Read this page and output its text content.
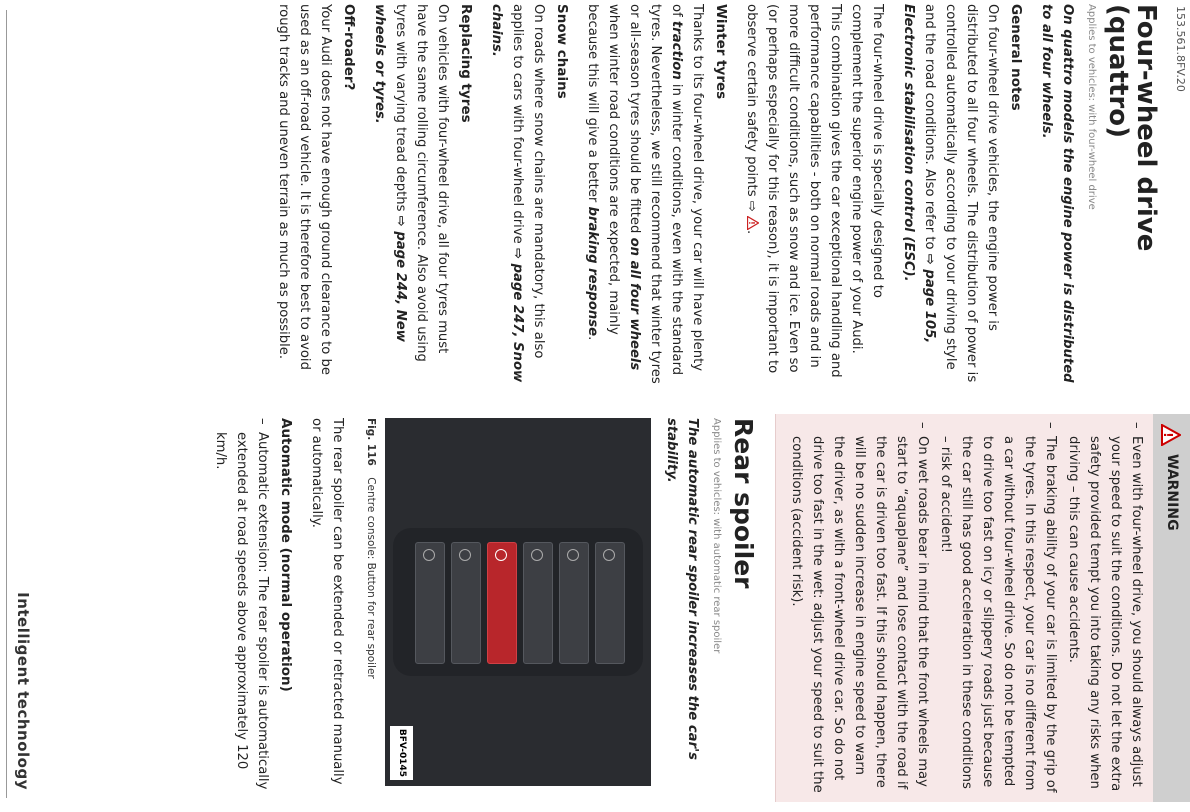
153.561.8FV.20
Intelligent technology
Four-wheel drive (quattro)
Applies to vehicles: with four-wheel drive

On quattro models the engine power is distributed to all four wheels.

General notes

On four-wheel drive vehicles, the engine power is distributed to all four wheels. The distribution of power is controlled automatically according to your driving style and the road conditions. Also refer to ⇨ page 105, Electronic stabilisation control (ESC).

The four-wheel drive is specially designed to complement the superior engine power of your Audi. This combination gives the car exceptional handling and performance capabilities - both on normal roads and in more difficult conditions, such as snow and ice. Even so (or perhaps especially for this reason), it is important to observe certain safety points ⇨
!
.

Winter tyres

Thanks to its four-wheel drive, your car will have plenty of traction in winter conditions, even with the standard tyres. Nevertheless, we still recommend that winter tyres or all-season tyres should be fitted on all four wheels when winter road conditions are expected, mainly because this will give a better braking response.

Snow chains

On roads where snow chains are mandatory, this also applies to cars with four-wheel drive ⇨ page 247, Snow chains.

Replacing tyres

On vehicles with four-wheel drive, all four tyres must have the same rolling circumference. Also avoid using tyres with varying tread depths ⇨ page 244, New wheels or tyres.

Off-roader?

Your Audi does not have enough ground clearance to be used as an off-road vehicle. It is therefore best to avoid rough tracks and uneven terrain as much as possible.

!
WARNING
– Even with four-wheel drive, you should always adjust your speed to suit the conditions. Do not let the extra safety provided tempt you into taking any risks when driving – this can cause accidents.
– The braking ability of your car is limited by the grip of the tyres. In this respect, your car is no different from a car without four-wheel drive. So do not be tempted to drive too fast on icy or slippery roads just because the car still has good acceleration in these conditions – risk of accident!
– On wet roads bear in mind that the front wheels may start to “aquaplane” and lose contact with the road if the car is driven too fast. If this should happen, there will be no sudden increase in engine speed to warn the driver, as with a front-wheel drive car. So do not drive too fast in the wet: adjust your speed to suit the conditions (accident risk).
Rear spoiler
Applies to vehicles: with automatic rear spoiler

The automatic rear spoiler increases the car's stability.

BFV-0145
Fig. 116 Centre console: Button for rear spoiler

The rear spoiler can be extended or retracted manually or automatically.

Automatic mode (normal operation)
– Automatic extension: The rear spoiler is automatically extended at road speeds above approximately 120 km/h.
